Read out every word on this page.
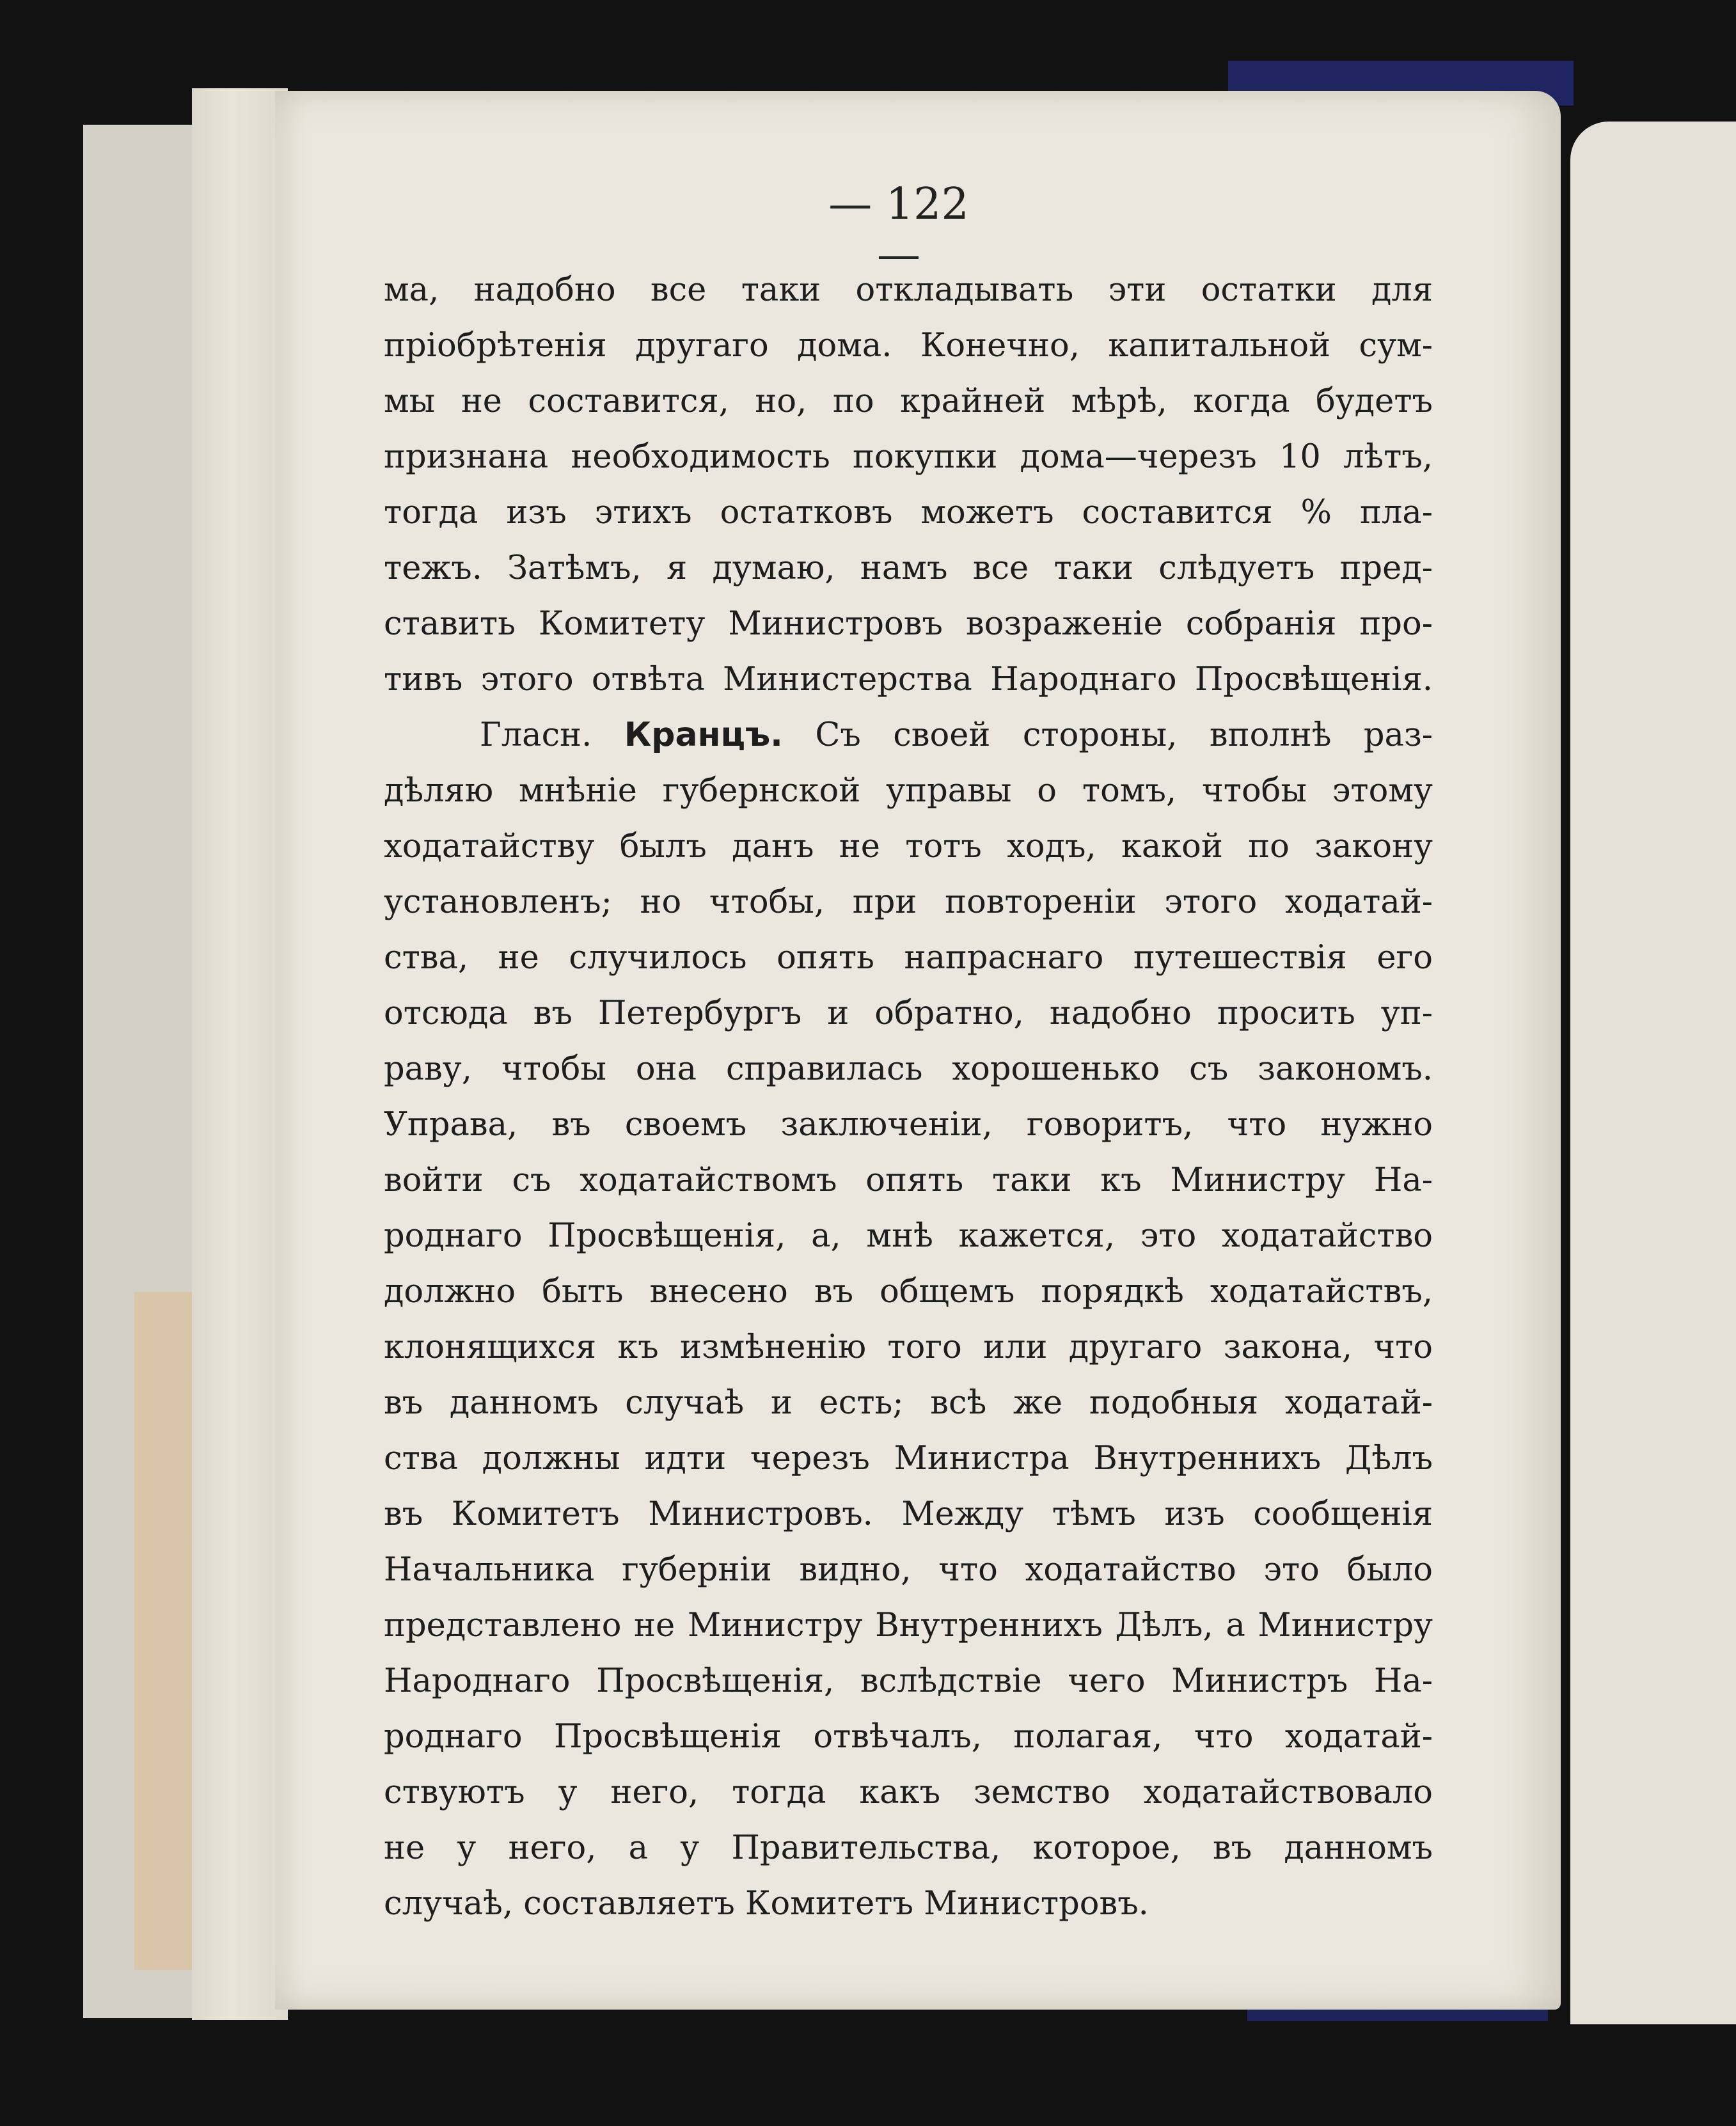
— 122 —
ма, надобно все таки откладывать эти остатки для
пріобрѣтенія другаго дома. Конечно, капитальной сум-
мы не составится, но, по крайней мѣрѣ, когда будетъ
признана необходимость покупки дома—черезъ 10 лѣтъ,
тогда изъ этихъ остатковъ можетъ составится % пла-
тежъ. Затѣмъ, я думаю, намъ все таки слѣдуетъ пред-
ставить Комитету Министровъ возраженіе собранія про-
тивъ этого отвѣта Министерства Народнаго Просвѣщенія.
Гласн. Кранцъ. Съ своей стороны, вполнѣ раз-
дѣляю мнѣніе губернской управы о томъ, чтобы этому
ходатайству былъ данъ не тотъ ходъ, какой по закону
установленъ; но чтобы, при повтореніи этого ходатай-
ства, не случилось опять напраснаго путешествія его
отсюда въ Петербургъ и обратно, надобно просить уп-
раву, чтобы она справилась хорошенько съ закономъ.
Управа, въ своемъ заключеніи, говоритъ, что нужно
войти съ ходатайствомъ опять таки къ Министру На-
роднаго Просвѣщенія, а, мнѣ кажется, это ходатайство
должно быть внесено въ общемъ порядкѣ ходатайствъ,
клонящихся къ измѣненію того или другаго закона, что
въ данномъ случаѣ и есть; всѣ же подобныя ходатай-
ства должны идти черезъ Министра Внутреннихъ Дѣлъ
въ Комитетъ Министровъ. Между тѣмъ изъ сообщенія
Начальника губерніи видно, что ходатайство это было
представлено не Министру Внутреннихъ Дѣлъ, а Министру
Народнаго Просвѣщенія, вслѣдствіе чего Министръ На-
роднаго Просвѣщенія отвѣчалъ, полагая, что ходатай-
ствуютъ у него, тогда какъ земство ходатайствовало
не у него, а у Правительства, которое, въ данномъ
случаѣ, составляетъ Комитетъ Министровъ.
